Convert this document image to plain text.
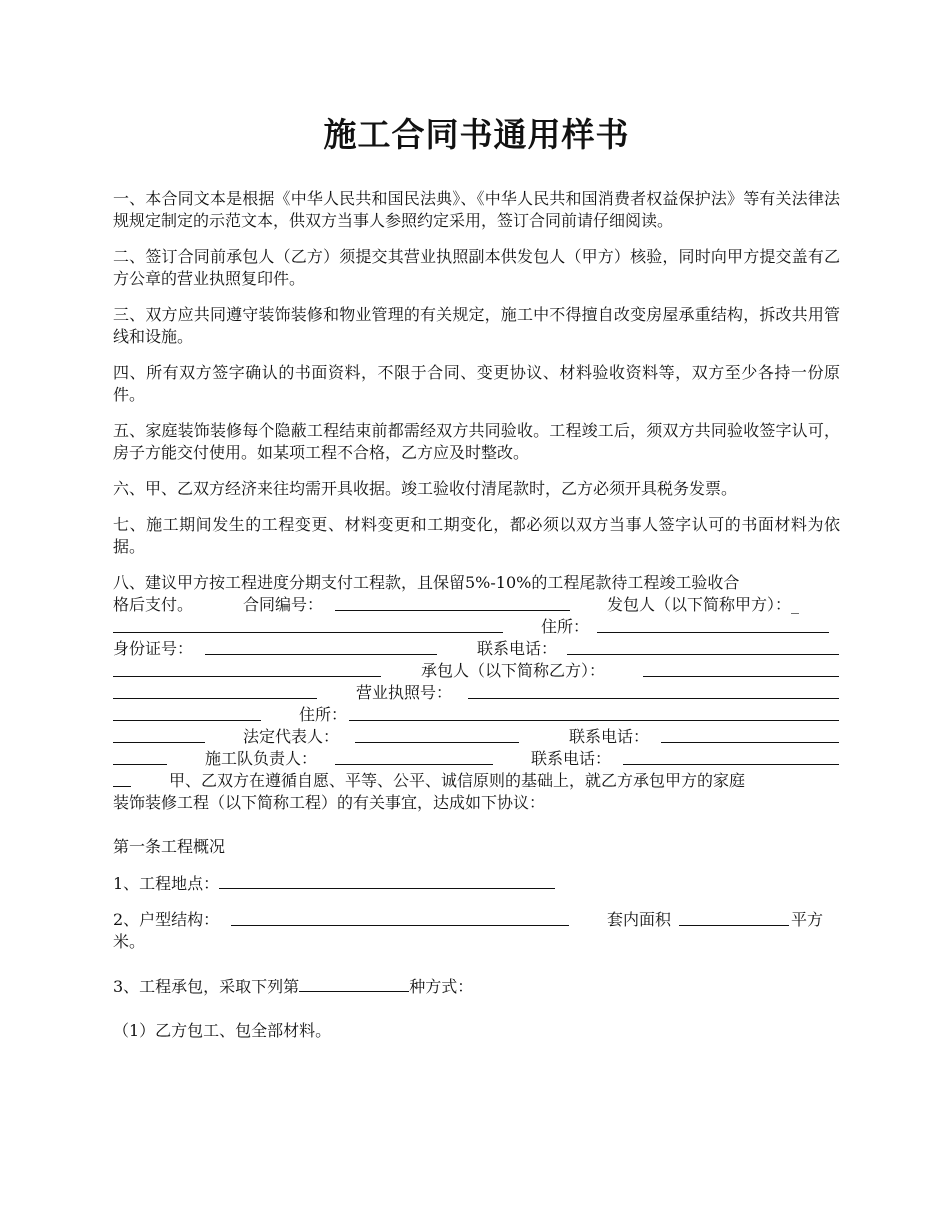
施工合同书通用样书

一、本合同文本是根据《中华人民共和国民法典》、《中华人民共和国消费者权益保护法》等有关法律法规规定制定的示范文本，供双方当事人参照约定采用，签订合同前请仔细阅读。

二、签订合同前承包人（乙方）须提交其营业执照副本供发包人（甲方）核验，同时向甲方提交盖有乙方公章的营业执照复印件。

三、双方应共同遵守装饰装修和物业管理的有关规定，施工中不得擅自改变房屋承重结构，拆改共用管线和设施。

四、所有双方签字确认的书面资料，不限于合同、变更协议、材料验收资料等，双方至少各持一份原件。

五、家庭装饰装修每个隐蔽工程结束前都需经双方共同验收。工程竣工后，须双方共同验收签字认可，房子方能交付使用。如某项工程不合格，乙方应及时整改。

六、甲、乙双方经济来往均需开具收据。竣工验收付清尾款时，乙方必须开具税务发票。

七、施工期间发生的工程变更、材料变更和工期变化，都必须以双方当事人签字认可的书面材料为依据。

八、建议甲方按工程进度分期支付工程款，且保留5%-10%的工程尾款待工程竣工验收合
格后支付。	合同编号：	发包人（以下简称甲方）：_
住所：
身份证号：	联系电话：
承包人（以下简称乙方）：
营业执照号：
住所：
法定代表人：	联系电话：
施工队负责人：	联系电话：
甲、乙双方在遵循自愿、平等、公平、诚信原则的基础上，就乙方承包甲方的家庭
装饰装修工程（以下简称工程）的有关事宜，达成如下协议：

第一条工程概况

1、工程地点：

2、户型结构：	套内面积	平方
米。

3、工程承包，采取下列第	种方式：

（1）乙方包工、包全部材料。
